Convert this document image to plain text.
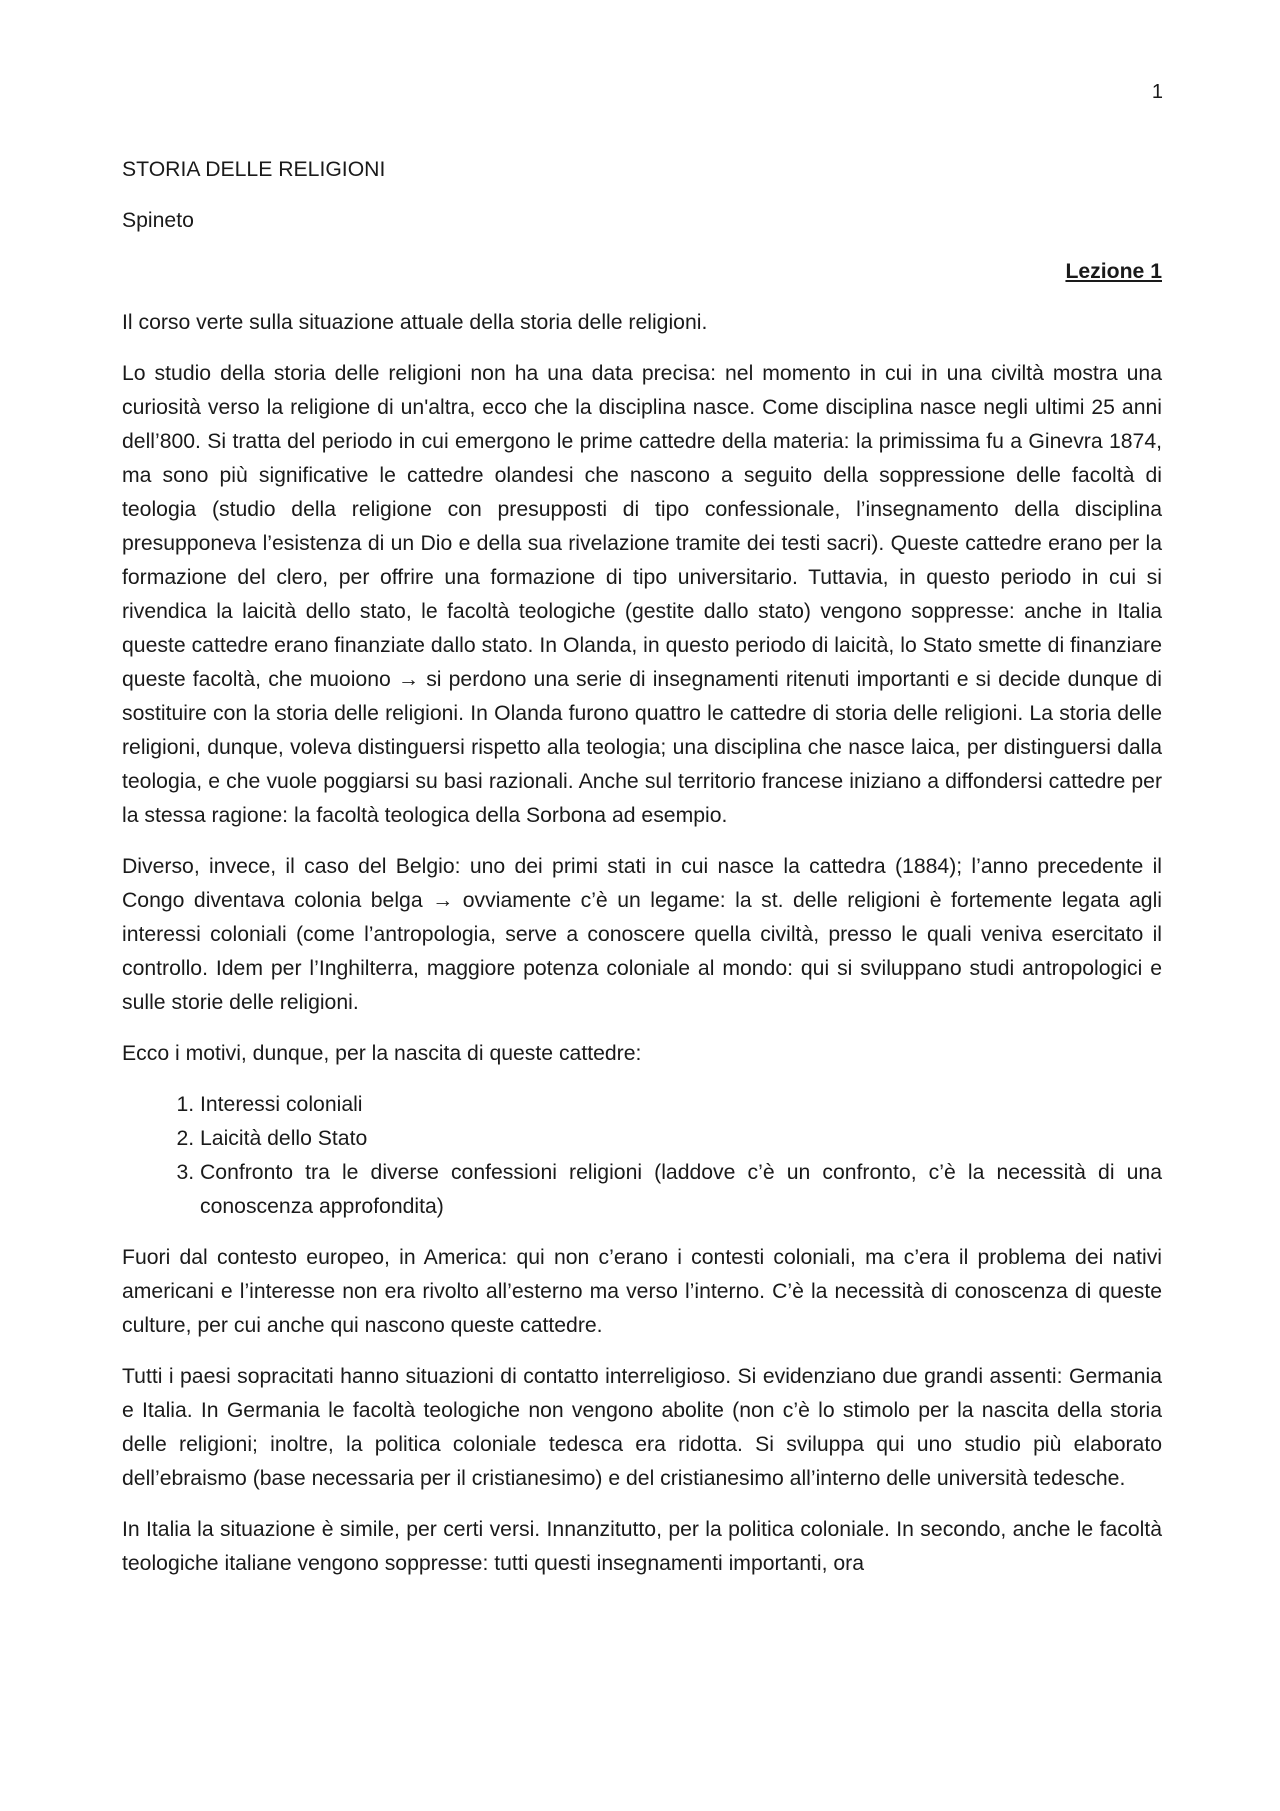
1

STORIA DELLE RELIGIONI

Spineto

Lezione 1

Il corso verte sulla situazione attuale della storia delle religioni.

Lo studio della storia delle religioni non ha una data precisa: nel momento in cui in una civiltà mostra una curiosità verso la religione di un'altra, ecco che la disciplina nasce. Come disciplina nasce negli ultimi 25 anni dell’800. Si tratta del periodo in cui emergono le prime cattedre della materia: la primissima fu a Ginevra 1874, ma sono più significative le cattedre olandesi che nascono a seguito della soppressione delle facoltà di teologia (studio della religione con presupposti di tipo confessionale, l’insegnamento della disciplina presupponeva l’esistenza di un Dio e della sua rivelazione tramite dei testi sacri). Queste cattedre erano per la formazione del clero, per offrire una formazione di tipo universitario. Tuttavia, in questo periodo in cui si rivendica la laicità dello stato, le facoltà teologiche (gestite dallo stato) vengono soppresse: anche in Italia queste cattedre erano finanziate dallo stato. In Olanda, in questo periodo di laicità, lo Stato smette di finanziare queste facoltà, che muoiono → si perdono una serie di insegnamenti ritenuti importanti e si decide dunque di sostituire con la storia delle religioni. In Olanda furono quattro le cattedre di storia delle religioni. La storia delle religioni, dunque, voleva distinguersi rispetto alla teologia; una disciplina che nasce laica, per distinguersi dalla teologia, e che vuole poggiarsi su basi razionali. Anche sul territorio francese iniziano a diffondersi cattedre per la stessa ragione: la facoltà teologica della Sorbona ad esempio.

Diverso, invece, il caso del Belgio: uno dei primi stati in cui nasce la cattedra (1884); l’anno precedente il Congo diventava colonia belga → ovviamente c’è un legame: la st. delle religioni è fortemente legata agli interessi coloniali (come l’antropologia, serve a conoscere quella civiltà, presso le quali veniva esercitato il controllo. Idem per l’Inghilterra, maggiore potenza coloniale al mondo: qui si sviluppano studi antropologici e sulle storie delle religioni.

Ecco i motivi, dunque, per la nascita di queste cattedre:

1. Interessi coloniali
2. Laicità dello Stato
3. Confronto tra le diverse confessioni religioni (laddove c’è un confronto, c’è la necessità di una conoscenza approfondita)

Fuori dal contesto europeo, in America: qui non c’erano i contesti coloniali, ma c’era il problema dei nativi americani e l’interesse non era rivolto all’esterno ma verso l’interno. C’è la necessità di conoscenza di queste culture, per cui anche qui nascono queste cattedre.

Tutti i paesi sopracitati hanno situazioni di contatto interreligioso. Si evidenziano due grandi assenti: Germania e Italia. In Germania le facoltà teologiche non vengono abolite (non c’è lo stimolo per la nascita della storia delle religioni; inoltre, la politica coloniale tedesca era ridotta. Si sviluppa qui uno studio più elaborato dell’ebraismo (base necessaria per il cristianesimo) e del cristianesimo all’interno delle università tedesche.

In Italia la situazione è simile, per certi versi. Innanzitutto, per la politica coloniale. In secondo, anche le facoltà teologiche italiane vengono soppresse: tutti questi insegnamenti importanti, ora
